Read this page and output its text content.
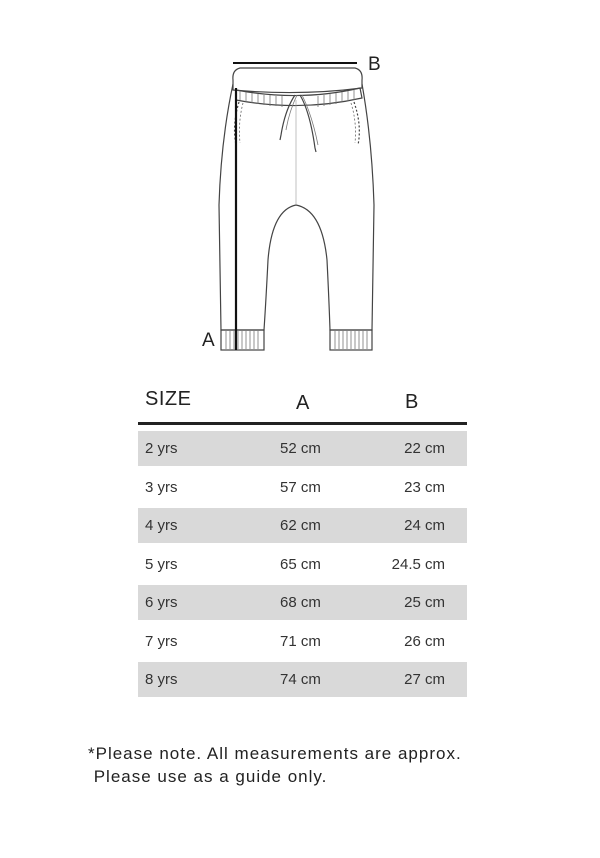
A
B
SIZE	A	B
2 yrs	52 cm	22 cm
3 yrs	57 cm	23 cm
4 yrs	62 cm	24 cm
5 yrs	65 cm	24.5 cm
6 yrs	68 cm	25 cm
7 yrs	71 cm	26 cm
8 yrs	74 cm	27 cm
*Please note. All measurements are approx.
Please use as a guide only.
